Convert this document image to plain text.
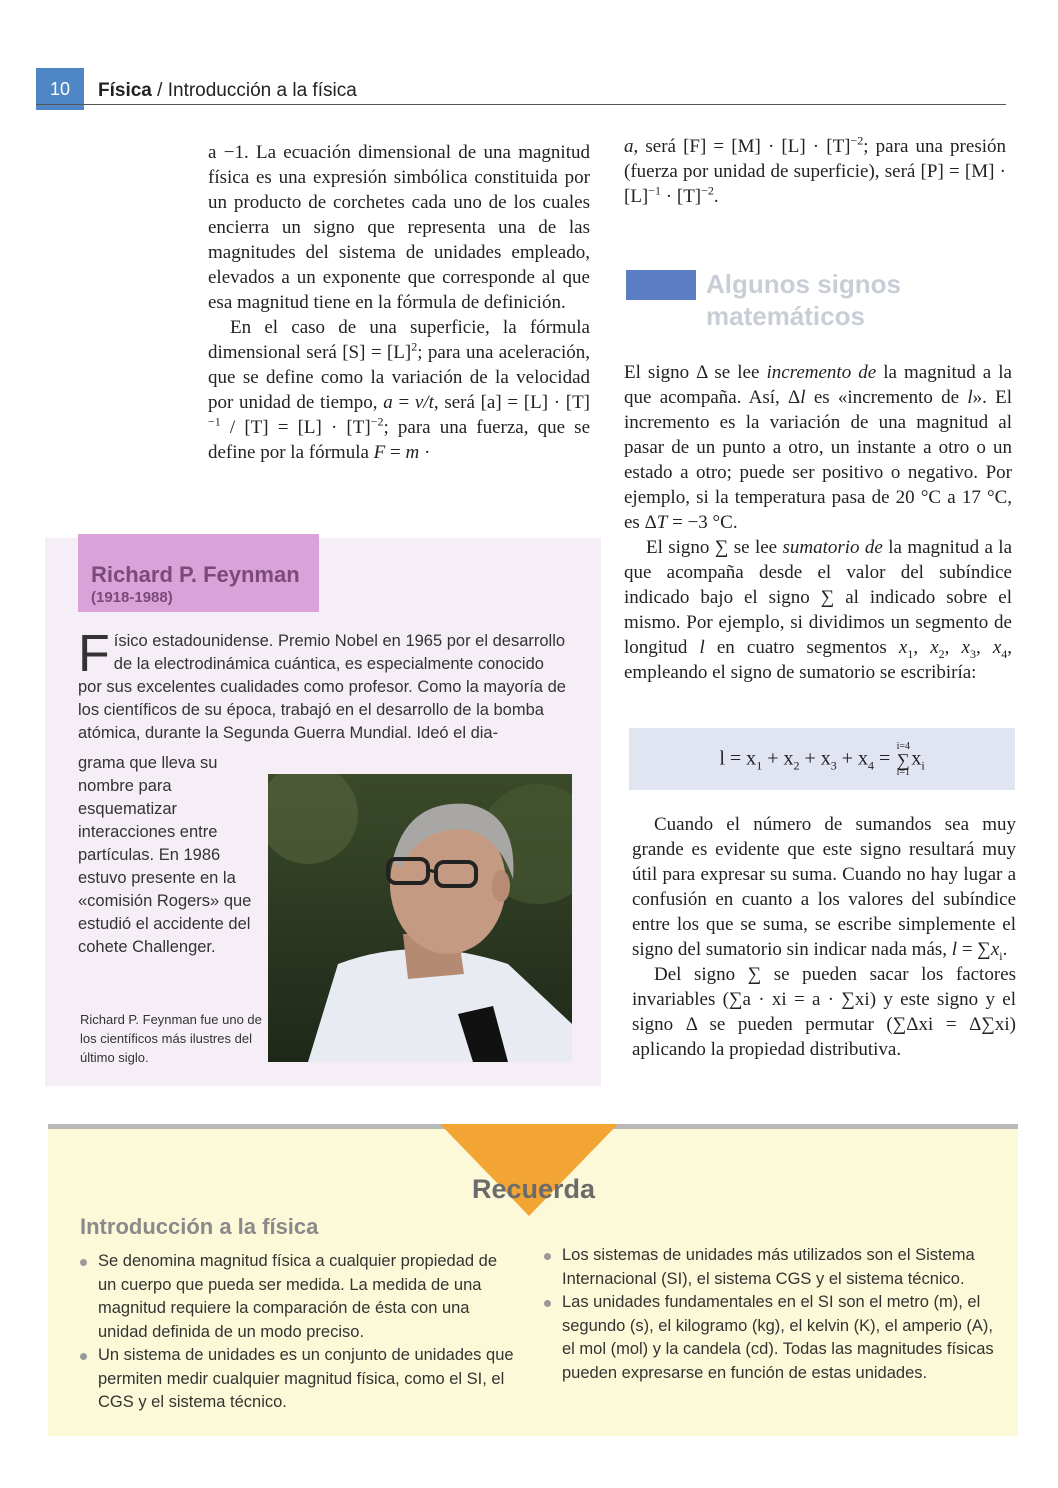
10	Física / Introducción a la física

a −1. La ecuación dimensional de una magnitud física es una expresión simbólica constituida por un producto de corchetes cada uno de los cuales encierra un signo que representa una de las magnitudes del sistema de unidades empleado, elevados a un exponente que corresponde al que esa magnitud tiene en la fórmula de definición.

En el caso de una superficie, la fórmula dimensional será $[S] = [L]^2$; para una aceleración, que se define como la variación de la velocidad por unidad de tiempo, a = v/t, será $[a] = [L] \cdot [T]^{-1} / [T] = [L] \cdot [T]^{-2}$; para una fuerza, que se define por la fórmula F = m ·

a, será $[F] = [M] \cdot [L] \cdot [T]^{-2}$; para una presión (fuerza por unidad de superficie), será $[P] = [M] \cdot [L]^{-1} \cdot [T]^{-2}$.

Algunos signos
matemáticos

El signo Δ se lee incremento de la magnitud a la que acompaña. Así, Δl es «incremento de l». El incremento es la variación de una magnitud al pasar de un punto a otro, un instante a otro o un estado a otro; puede ser positivo o negativo. Por ejemplo, si la temperatura pasa de 20 °C a 17 °C, es ΔT = −3 °C.

El signo ∑ se lee sumatorio de la magnitud a la que acompaña desde el valor del subíndice indicado bajo el signo ∑ al indicado sobre el mismo. Por ejemplo, si dividimos un segmento de longitud l en cuatro segmentos $x_1$, $x_2$, $x_3$, $x_4$, empleando el signo de sumatorio se escribiría:

$l = x_1 + x_2 + x_3 + x_4$ =
i=4
∑
i=1
$x_i$

Cuando el número de sumandos sea muy grande es evidente que este signo resultará muy útil para expresar su suma. Cuando no hay lugar a confusión en cuanto a los valores del subíndice entre los que se suma, se escribe simplemente el signo del sumatorio sin indicar nada más, $l = \sum x_i$.

Del signo ∑ se pueden sacar los factores invariables (∑a · xi = a · ∑xi) y este signo y el signo Δ se pueden permutar (∑Δxi = Δ∑xi) aplicando la propiedad distributiva.

Richard P. Feynman
(1918-1988)
Físico estadounidense. Premio Nobel en 1965 por el desarrollo de la electrodinámica cuántica, es especialmente conocido por sus excelentes cualidades como profesor. Como la mayoría de los científicos de su época, trabajó en el desarrollo de la bomba atómica, durante la Segunda Guerra Mundial. Ideó el dia-
grama que lleva su nombre para esquematizar interacciones entre partículas. En 1986 estuvo presente en la «comisión Rogers» que estudió el accidente del cohete Challenger.
Richard P. Feynman fue uno de los científicos más ilustres del último siglo.
Recuerda
Introducción a la física
Se denomina magnitud física a cualquier propiedad de un cuerpo que pueda ser medida. La medida de una magnitud requiere la comparación de ésta con una unidad definida de un modo preciso.
Un sistema de unidades es un conjunto de unidades que permiten medir cualquier magnitud física, como el SI, el CGS y el sistema técnico.
Los sistemas de unidades más utilizados son el Sistema Internacional (SI), el sistema CGS y el sistema técnico.
Las unidades fundamentales en el SI son el metro (m), el segundo (s), el kilogramo (kg), el kelvin (K), el amperio (A), el mol (mol) y la candela (cd). Todas las magnitudes físicas pueden expresarse en función de estas unidades.
